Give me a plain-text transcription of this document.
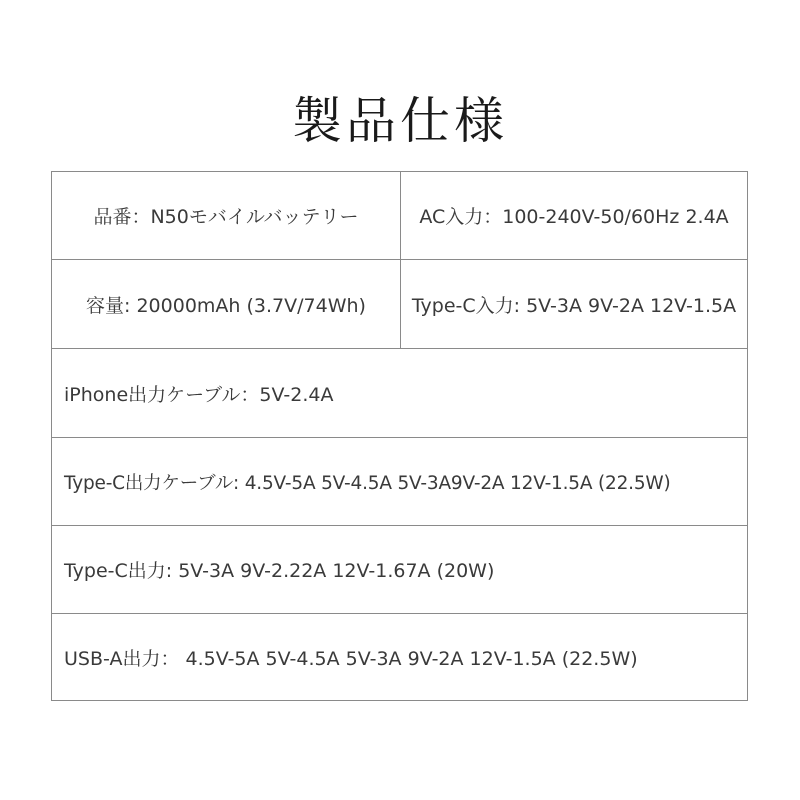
製品仕様
品番：N50モバイルバッテリー	AC入力：100-240V-50/60Hz 2.4A
容量: 20000mAh (3.7V/74Wh)	Type-C入力: 5V-3A 9V-2A 12V-1.5A
iPhone出力ケーブル：5V-2.4A
Type-C出力ケーブル: 4.5V-5A 5V-4.5A 5V-3A9V-2A 12V-1.5A (22.5W)
Type-C出力: 5V-3A 9V-2.22A 12V-1.67A (20W)
USB-A出力： 4.5V-5A 5V-4.5A 5V-3A 9V-2A 12V-1.5A (22.5W)
